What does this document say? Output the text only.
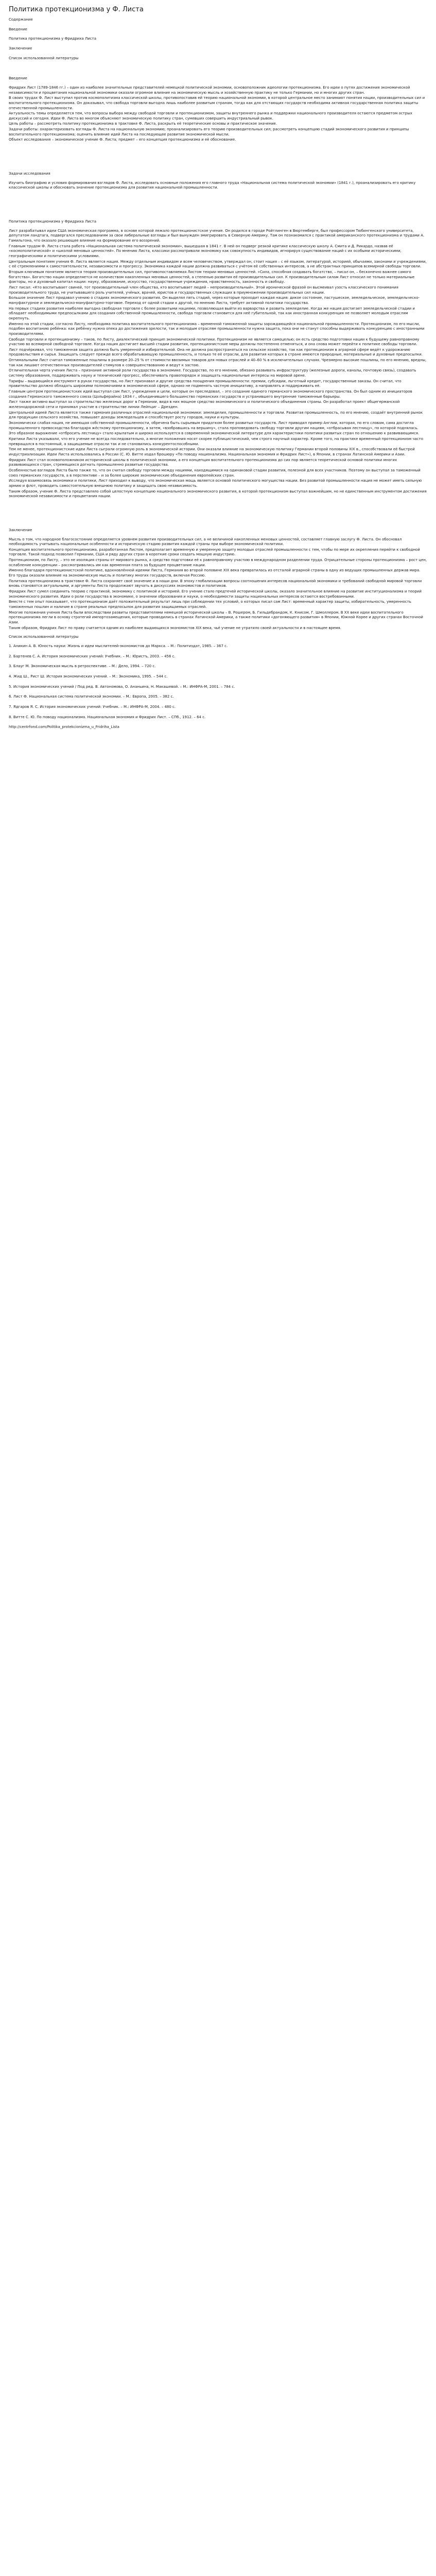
Политика протекционизма у Ф. Листа
Содержание
Введение
Политика протекционизма у Фридриха Листа
Заключение
Список использованной литературы
Введение

Фридрих Лист (1789-1846 гг.) – один из наиболее значительных представителей немецкой политической экономии, основоположник идеологии протекционизма. Его идеи о путях достижения экономической независимости и процветания национальной экономики оказали огромное влияние на экономическую мысль и хозяйственную практику не только Германии, но и многих других стран.

В своих трудах Ф. Лист выступил против космополитизма классической школы, противопоставив ей теорию национальной экономии, в которой центральное место занимают понятия нации, производительных сил и воспитательного протекционизма. Он доказывал, что свобода торговли выгодна лишь наиболее развитым странам, тогда как для отстающих государств необходима активная государственная политика защиты отечественной промышленности.

Актуальность темы определяется тем, что вопросы выбора между свободой торговли и протекционизмом, защиты внутреннего рынка и поддержки национального производителя остаются предметом острых дискуссий и сегодня. Идеи Ф. Листа во многом объясняют экономическую политику стран, сумевших совершить индустриальный рывок.

Цель работы – рассмотреть политику протекционизма в трактовке Ф. Листа, раскрыть её теоретические основы и практическое значение.

Задачи работы: охарактеризовать взгляды Ф. Листа на национальную экономию; проанализировать его теорию производительных сил; рассмотреть концепцию стадий экономического развития и принципы воспитательного протекционизма; оценить влияние идей Листа на последующее развитие экономической мысли.

Объект исследования – экономическое учение Ф. Листа; предмет – его концепция протекционизма и её обоснование.

Задачи исследования

Изучить биографию и условия формирования взглядов Ф. Листа, исследовать основные положения его главного труда «Национальная система политической экономии» (1841 г.), проанализировать его критику классической школы и обосновать значение протекционизма для развития национальной промышленности.

Политика протекционизма у Фридриха Листа

Лист разрабатывал идеи США экономическая программа, в основе которой лежало протекционистское учение. Он родился в городе Ройтлинген в Вюртемберге, был профессором Тюбингенского университета, депутатом ландтага, подвергался преследованиям за свои либеральные взгляды и был вынужден эмигрировать в Северную Америку. Там он познакомился с практикой американского протекционизма и трудами А. Гамильтона, что оказало решающее влияние на формирование его воззрений.

Главным трудом Ф. Листа стала работа «Национальная система политической экономии», вышедшая в 1841 г. В ней он подверг резкой критике классическую школу А. Смита и Д. Рикардо, назвав её «космополитической» и «школой меновых ценностей». По мнению Листа, классики рассматривали экономику как совокупность индивидов, игнорируя существование наций с их особыми историческими, географическими и политическими условиями.

Центральным понятием учения Ф. Листа является нация. Между отдельным индивидом и всем человечеством, утверждал он, стоит нация – с её языком, литературой, историей, обычаями, законами и учреждениями, с её стремлениями к самостоятельности, независимости и прогрессу. Экономика каждой нации должна развиваться с учётом её собственных интересов, а не абстрактных принципов всемирной свободы торговли.

Вторым ключевым понятием является теория производительных сил, противопоставляемая Листом теории меновых ценностей. «Сила, способная создавать богатство, – писал он, – бесконечно важнее самого богатства». Богатство нации определяется не количеством накопленных меновых ценностей, а степенью развития её производительных сил. К производительным силам Лист относил не только материальные факторы, но и духовный капитал нации: науку, образование, искусство, государственные учреждения, нравственность, законность и свободу.

Лист писал: «Кто воспитывает свиней, тот производительный член общества, кто воспитывает людей – непроизводительный». Этой иронической фразой он высмеивал узость классического понимания производительного труда, не учитывавшего роль учителей, учёных, врачей, юристов и государственных служащих в приумножении производительных сил нации.

Большое значение Лист придавал учению о стадиях экономического развития. Он выделял пять стадий, через которые проходит каждая нация: дикое состояние, пастушеское, земледельческое, земледельческо-мануфактурное и земледельческо-мануфактурно-торговое. Переход от одной стадии к другой, по мнению Листа, требует активной политики государства.

На первых стадиях развития наиболее выгодна свободная торговля с более развитыми нациями, позволяющая выйти из варварства и развить земледелие. Когда же нация достигает земледельческой стадии и обладает необходимыми предпосылками для создания собственной промышленности, свобода торговли становится для неё губительной, так как иностранная конкуренция не позволяет молодым отраслям окрепнуть.

Именно на этой стадии, согласно Листу, необходима политика воспитательного протекционизма – временной таможенной защиты зарождающейся национальной промышленности. Протекционизм, по его мысли, подобен воспитанию ребёнка: как ребёнку нужна опека до достижения зрелости, так и молодым отраслям промышленности нужна защита, пока они не станут способны выдерживать конкуренцию с иностранными производителями.

Свободе торговли и протекционизму – таков, по Листу, диалектический принцип экономической политики. Протекционизм не является самоцелью; он есть средство подготовки нации к будущему равноправному участию во всемирной свободной торговле. Когда нация достигает высшей стадии развития, протекционистские меры должны постепенно отменяться, и она снова может перейти к политике свободы торговли.

Лист подчёркивал, что таможенная защита должна быть умеренной и избирательной. Она не должна распространяться на сельское хозяйство, так как протекционизм в аграрной сфере ведёт к удорожанию продовольствия и сырья. Защищать следует прежде всего обрабатывающую промышленность, и только те её отрасли, для развития которых в стране имеются природные, материальные и духовные предпосылки.

Оптимальными Лист считал таможенные пошлины в размере 20–25 % от стоимости ввозимых товаров для новых отраслей и 40–60 % в исключительных случаях. Чрезмерно высокие пошлины, по его мнению, вредны, так как лишают отечественных производителей стимулов к совершенствованию и ведут к застою.

Отличительная черта учения Листа – признание активной роли государства в экономике. Государство, по его мнению, обязано развивать инфраструктуру (железные дороги, каналы, почтовую связь), создавать систему образования, поддерживать науку и технический прогресс, обеспечивать правопорядок и защищать национальные интересы на мировой арене.

Тарифы – выдающийся инструмент в руках государства, но Лист признавал и другие средства поощрения промышленности: премии, субсидии, льготный кредит, государственные заказы. Он считал, что правительство должно обладать широкими полномочиями в экономической сфере, однако не подменять частную инициативу, а направлять и поддерживать её.

Главным центром протекционистских идей выступал сам Лист, учреждения и цели, которые он преследовал, – это создание единого германского экономического пространства. Он был одним из инициаторов создания Германского таможенного союза (Цольферайна) 1834 г., объединившего большинство германских государств и устранившего внутренние таможенные барьеры.

Лист также активно выступал за строительство железных дорог в Германии, видя в них мощное средство экономического и политического объединения страны. Он разработал проект общегерманской железнодорожной сети и принимал участие в строительстве линии Лейпциг – Дрезден.

Центральной идеей Листа является также гармония различных отраслей национальной экономики: земледелия, промышленности и торговли. Развитая промышленность, по его мнению, создаёт внутренний рынок для продукции сельского хозяйства, повышает доходы земледельцев и способствует росту городов, науки и культуры.

Экономически слабая нация, не имеющая собственной промышленности, обречена быть сырьевым придатком более развитых государств. Лист приводил пример Англии, которая, по его словам, сама достигла промышленного превосходства благодаря жёсткому протекционизму, а затем, «взобравшись на вершину», стала проповедовать свободу торговли другим нациям, «отбрасывая лестницу», по которой поднялась.

Это образное выражение «отбросить лестницу» стало крылатым и широко используется в современной экономической литературе для характеристики политики развитых стран по отношению к развивающимся.

Критики Листа указывали, что его учение не всегда последовательно, а многие положения носят скорее публицистический, чем строго научный характер. Кроме того, на практике временный протекционизм часто превращался в постоянный, а защищаемые отрасли так и не становились конкурентоспособными.

Тем не менее, протекционистские идеи Листа сыграли огромную роль в экономической истории. Они оказали влияние на экономическую политику Германии второй половины XIX в., способствовали её быстрой индустриализации. Идеи Листа использовались в России (С. Ю. Витте издал брошюру «По поводу национализма. Национальная экономия и Фридрих Лист»), в Японии, в странах Латинской Америки и Азии.

Фридрих Лист стал основоположником исторической школы в политической экономии, а его концепция воспитательного протекционизма до сих пор является теоретической основой политики многих развивающихся стран, стремящихся догнать промышленно развитые государства.

Особенностью взглядов Листа было также то, что он считал свободу торговли между нациями, находящимися на одинаковой стадии развития, полезной для всех участников. Поэтому он выступал за таможенный союз германских государств, а в перспективе – и за более широкие экономические объединения европейских стран.

Исследуя взаимосвязь экономики и политики, Лист приходил к выводу, что экономическая мощь является основой политического могущества нации. Без развитой промышленности нация не может иметь сильную армию и флот, проводить самостоятельную внешнюю политику и защищать свою независимость.

Таким образом, учение Ф. Листа представляло собой целостную концепцию национального экономического развития, в которой протекционизм выступал важнейшим, но не единственным инструментом достижения экономической независимости и процветания нации.

Заключение

Мысль о том, что народное благосостояние определяется уровнем развития производительных сил, а не величиной накопленных меновых ценностей, составляет главную заслугу Ф. Листа. Он обосновал необходимость учитывать национальные особенности и историческую стадию развития каждой страны при выборе экономической политики.

Концепция воспитательного протекционизма, разработанная Листом, предполагает временную и умеренную защиту молодых отраслей промышленности с тем, чтобы по мере их окрепления перейти к свободной торговле. Такой подход позволил Германии, США и ряду других стран в короткие сроки создать мощную индустрию.

Протекционизм, по Листу, – это не изоляция страны от мирового рынка, а средство подготовки её к равноправному участию в международном разделении труда. Отрицательные стороны протекционизма – рост цен, ослабление конкуренции – рассматривались им как временная плата за будущее процветание нации.

Именно благодаря протекционистской политике, вдохновлённой идеями Листа, Германия во второй половине XIX века превратилась из отсталой аграрной страны в одну из ведущих промышленных держав мира. Его труды оказали влияние на экономическую мысль и политику многих государств, включая Россию.

Политика протекционизма в трактовке Ф. Листа сохраняет своё значение и в наши дни. В эпоху глобализации вопросы соотношения интересов национальной экономики и требований свободной мировой торговли вновь становятся актуальными, и аргументы Листа продолжают звучать в дискуссиях экономистов и политиков.

Фридрих Лист сумел соединить теорию с практикой, экономику с политикой и историей. Его учение стало предтечей исторической школы, оказало значительное влияние на развитие институционализма и теорий экономического развития. Идеи о роли государства в экономике, о значении образования и науки, о необходимости защиты национальных интересов остаются востребованными.

Вместе с тем опыт показывает, что протекционизм даёт положительный результат лишь при соблюдении тех условий, о которых писал сам Лист: временный характер защиты, избирательность, умеренность таможенных пошлин и наличие в стране реальных предпосылок для развития защищаемых отраслей.

Многие положения учения Листа были впоследствии развиты представителями немецкой исторической школы – В. Рошером, Б. Гильдебрандом, К. Книсом, Г. Шмоллером. В XX веке идеи воспитательного протекционизма легли в основу стратегий импортозамещения, которые проводились в странах Латинской Америки, а также политики «догоняющего развития» в Японии, Южной Корее и других странах Восточной Азии.

Таким образом, Фридрих Лист по праву считается одним из наиболее выдающихся экономистов XIX века, чьё учение не утратило своей актуальности и в настоящее время.

Список использованной литературы

1. Аникин А. В. Юность науки: Жизнь и идеи мыслителей-экономистов до Маркса. – М.: Политиздат, 1985. – 367 с.

2. Бартенев С. А. История экономических учений: Учебник. – М.: Юристъ, 2003. – 456 с.

3. Блауг М. Экономическая мысль в ретроспективе. – М.: Дело, 1994. – 720 с.

4. Жид Ш., Рист Ш. История экономических учений. – М.: Экономика, 1995. – 544 с.

5. История экономических учений / Под ред. В. Автономова, О. Ананьина, Н. Макашевой. – М.: ИНФРА-М, 2001. – 784 с.

6. Лист Ф. Национальная система политической экономии. – М.: Европа, 2005. – 382 с.

7. Ядгаров Я. С. История экономических учений: Учебник. – М.: ИНФРА-М, 2004. – 480 с.

8. Витте С. Ю. По поводу национализма. Национальная экономия и Фридрих Лист. – СПб., 1912. – 64 с.

http://centrfond.com/Politika_protekcionizma_u_Fridriha_Lista
